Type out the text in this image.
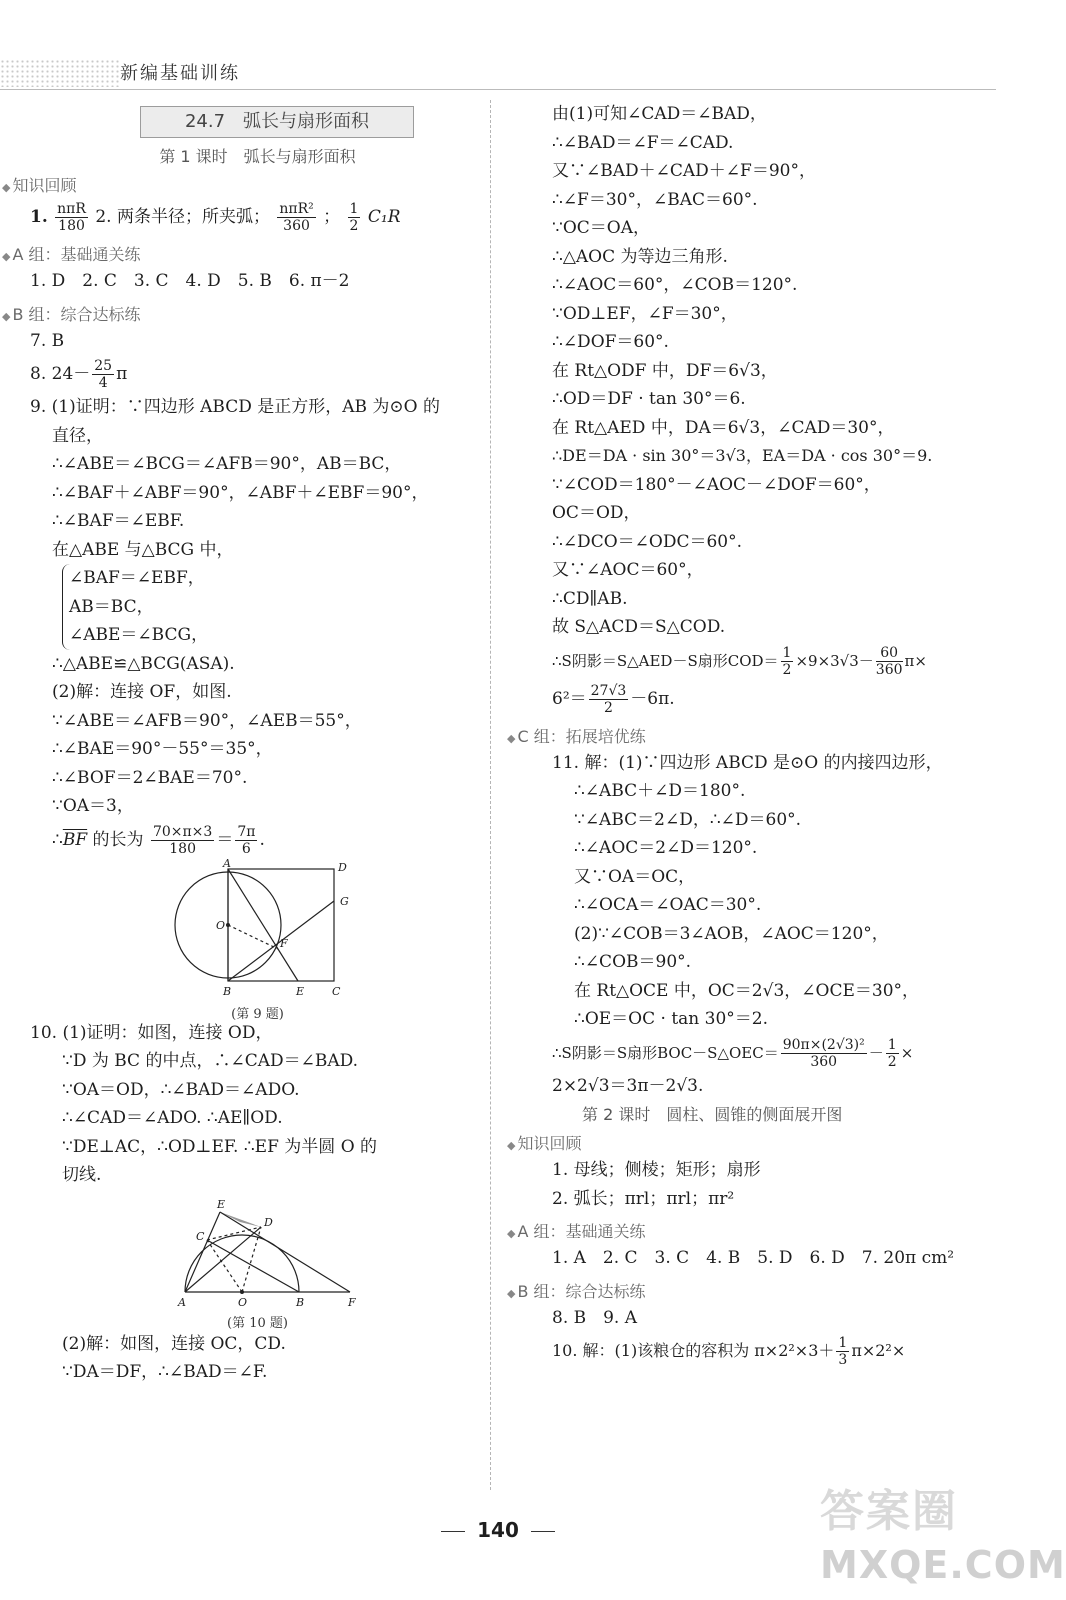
新编基础训练
24.7　弧长与扇形面积
第 1 课时　弧长与扇形面积
◆ 知识回顾
1. nπR
180 2. 两条半径；所夹弧； nπR²
360 ； $\frac{1}{2} C_1R$
◆ A 组：基础通关练
1. D　2. C　3. C　4. D　5. B　6. π－2
◆ B 组：综合达标练
7. B
8. $24- \frac{25}{4}$ π
9. (1)证明：∵四边形 ABCD 是正方形，AB 为⊙O 的
直径，
∴∠ABE＝∠BCG＝∠AFB＝90°，AB＝BC，
∴∠BAF＋∠ABF＝90°，∠ABF＋∠EBF＝90°，
∴∠BAF＝∠EBF.
在△ABE 与△BCG 中，
∠BAF＝∠EBF，
AB＝BC，
∠ABE＝∠BCG，
∴△ABE≌△BCG(ASA).
(2)解：连接 OF，如图.
∵∠ABE＝∠AFB＝90°，∠AEB＝55°，
∴∠BAE＝90°－55°＝35°，
∴∠BOF＝2∠BAE＝70°.
∵OA＝3，
$\therefore\overline{BF}$ 的长为 $\frac{70\times\pi\times 3}{180} = \frac{7\pi}{6}$ .
A	D
G
O
F
B	E	C
(第 9 题)
10. (1)证明：如图，连接 OD，
∵D 为 BC 的中点，∴∠CAD＝∠BAD.
∵OA＝OD，∴∠BAD＝∠ADO.
∴∠CAD＝∠ADO. ∴AE∥OD.
∵DE⊥AC，∴OD⊥EF. ∴EF 为半圆 O 的
切线.
E
C
D
A	O	B	F
(第 10 题)
(2)解：如图，连接 OC，CD.
∵DA＝DF，∴∠BAD＝∠F.
由(1)可知∠CAD＝∠BAD，
∴∠BAD＝∠F＝∠CAD.
又∵∠BAD＋∠CAD＋∠F＝90°，
∴∠F＝30°，∠BAC＝60°.
∵OC＝OA，
∴△AOC 为等边三角形.
∴∠AOC＝60°，∠COB＝120°.
∵OD⊥EF，∠F＝30°，
∴∠DOF＝60°.
在 Rt△ODF 中，DF＝6√3，
∴OD＝DF · tan 30°＝6.
在 Rt△AED 中，DA＝6√3，∠CAD＝30°，
∴DE＝DA · sin 30°＝3√3，EA＝DA · cos 30°＝9.
∵∠COD＝180°－∠AOC－∠DOF＝60°，
OC＝OD，
∴∠DCO＝∠ODC＝60°.
又∵∠AOC＝60°，
∴CD∥AB.
故 S△ACD＝S△COD.
∴S阴影＝S△AED－S扇形$COD= \frac{1}{2} \times 9\times 3√3- \frac{60}{360} \pi\times$
$6^2= \frac{27√3}{2} -6\pi$.
◆ C 组：拓展培优练
11. 解：(1)∵四边形 ABCD 是⊙O 的内接四边形，
∴∠ABC＋∠D＝180°.
∵∠ABC＝2∠D，∴∠D＝60°.
∴∠AOC＝2∠D＝120°.
又∵OA＝OC，
∴∠OCA＝∠OAC＝30°.
(2)∵∠COB＝3∠AOB，∠AOC＝120°，
∴∠COB＝90°.
在 Rt△OCE 中，OC＝2√3，∠OCE＝30°，
∴OE＝OC · tan 30°＝2.
∴S阴影＝S扇形BOC－S△OEC＝ $\frac{\text{90π×(2√3)²}}{360} - \frac{1}{2}$ ×
2×2√3＝3π－2√3.
第 2 课时　圆柱、圆锥的侧面展开图
◆ 知识回顾
1. 母线；侧棱；矩形；扇形
2. 弧长；πrl；πrl；πr²
◆ A 组：基础通关练
1. A　2. C　3. C　4. B　5. D　6. D　7. 20π cm²
◆ B 组：综合达标练
8. B　9. A
10. 解：(1)该粮仓的容积为 $\pi\times 2^2\times 3+ \frac{1}{3} \pi\times 2^2\times$
140	答案圈
MXQE.COM
